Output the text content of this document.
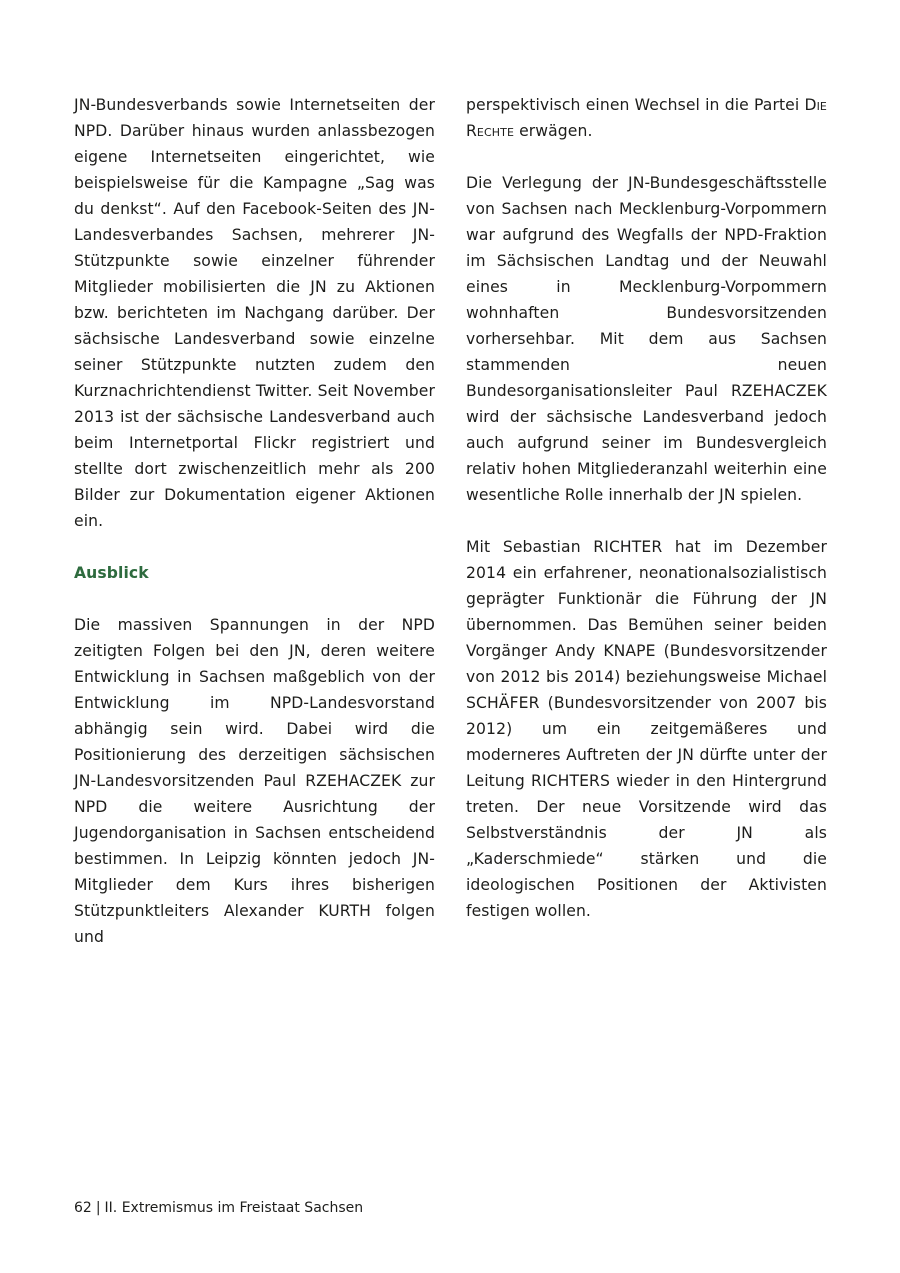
JN-Bundesverbands sowie Internetseiten der NPD. Darüber hinaus wurden anlassbezogen eigene Internetseiten eingerichtet, wie beispielsweise für die Kampagne „Sag was du denkst“. Auf den Facebook-Seiten des JN-Landesverbandes Sachsen, mehrerer JN-Stützpunkte sowie einzelner führender Mitglieder mobilisierten die JN zu Aktionen bzw. berichteten im Nachgang darüber. Der sächsische Landesverband sowie einzelne seiner Stützpunkte nutzten zudem den Kurznachrichtendienst Twitter. Seit November 2013 ist der sächsische Landesverband auch beim Internetportal Flickr registriert und stellte dort zwischenzeitlich mehr als 200 Bilder zur Dokumentation eigener Aktionen ein.

Ausblick

Die massiven Spannungen in der NPD zeitigten Folgen bei den JN, deren weitere Entwicklung in Sachsen maßgeblich von der Entwicklung im NPD-Landesvorstand abhängig sein wird. Dabei wird die Positionierung des derzeitigen sächsischen JN-Landesvorsitzenden Paul RZEHACZEK zur NPD die weitere Ausrichtung der Jugendorganisation in Sachsen entscheidend bestimmen. In Leipzig könnten jedoch JN-Mitglieder dem Kurs ihres bisherigen Stützpunktleiters Alexander KURTH folgen und

perspektivisch einen Wechsel in die Partei Die Rechte erwägen.

Die Verlegung der JN-Bundesgeschäftsstelle von Sachsen nach Mecklenburg-Vorpommern war aufgrund des Wegfalls der NPD-Fraktion im Sächsischen Landtag und der Neuwahl eines in Mecklenburg-Vorpommern wohnhaften Bundesvorsitzenden vorhersehbar. Mit dem aus Sachsen stammenden neuen Bundesorganisationsleiter Paul RZEHACZEK wird der sächsische Landesverband jedoch auch aufgrund seiner im Bundesvergleich relativ hohen Mitgliederanzahl weiterhin eine wesentliche Rolle innerhalb der JN spielen.

Mit Sebastian RICHTER hat im Dezember 2014 ein erfahrener, neonationalsozialistisch geprägter Funktionär die Führung der JN übernommen. Das Bemühen seiner beiden Vorgänger Andy KNAPE (Bundesvorsitzender von 2012 bis 2014) beziehungsweise Michael SCHÄFER (Bundesvorsitzender von 2007 bis 2012) um ein zeitgemäßeres und moderneres Auftreten der JN dürfte unter der Leitung RICHTERS wieder in den Hintergrund treten. Der neue Vorsitzende wird das Selbstverständnis der JN als „Kaderschmiede“ stärken und die ideologischen Positionen der Aktivisten festigen wollen.

62 | II. Extremismus im Freistaat Sachsen
